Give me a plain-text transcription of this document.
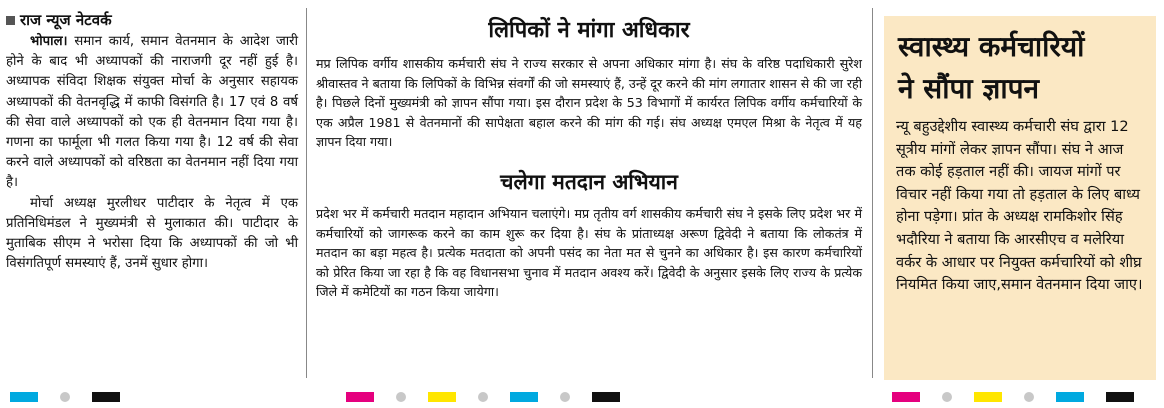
राज न्यूज नेटवर्क

भोपाल। समान कार्य, समान वेतनमान के आदेश जारी होने के बाद भी अध्यापकों की नाराजगी दूर नहीं हुई है। अध्यापक संविदा शिक्षक संयुक्त मोर्चा के अनुसार सहायक अध्यापकों की वेतनवृद्धि में काफी विसंगति है। 17 एवं 8 वर्ष की सेवा वाले अध्यापकों को एक ही वेतनमान दिया गया है। गणना का फार्मूला भी गलत किया गया है। 12 वर्ष की सेवा करने वाले अध्यापकों को वरिष्ठता का वेतनमान नहीं दिया गया है।

मोर्चा अध्यक्ष मुरलीधर पाटीदार के नेतृत्व में एक प्रतिनिधिमंडल ने मुख्यमंत्री से मुलाकात की। पाटीदार के मुताबिक सीएम ने भरोसा दिया कि अध्यापकों की जो भी विसंगतिपूर्ण समस्याएं हैं, उनमें सुधार होगा।

लिपिकों ने मांगा अधिकार

मप्र लिपिक वर्गीय शासकीय कर्मचारी संघ ने राज्य सरकार से अपना अधिकार मांगा है। संघ के वरिष्ठ पदाधिकारी सुरेश श्रीवास्तव ने बताया कि लिपिकों के विभिन्न संवर्गों की जो समस्याएं हैं, उन्हें दूर करने की मांग लगातार शासन से की जा रही है। पिछले दिनों मुख्यमंत्री को ज्ञापन सौंपा गया। इस दौरान प्रदेश के 53 विभागों में कार्यरत लिपिक वर्गीय कर्मचारियों के एक अप्रैल 1981 से वेतनमानों की सापेक्षता बहाल करने की मांग की गई। संघ अध्यक्ष एमएल मिश्रा के नेतृत्व में यह ज्ञापन दिया गया।

चलेगा मतदान अभियान

प्रदेश भर में कर्मचारी मतदान महादान अभियान चलाएंगे। मप्र तृतीय वर्ग शासकीय कर्मचारी संघ ने इसके लिए प्रदेश भर में कर्मचारियों को जागरूक करने का काम शुरू कर दिया है। संघ के प्रांताध्यक्ष अरूण द्विवेदी ने बताया कि लोकतंत्र में मतदान का बड़ा महत्व है। प्रत्येक मतदाता को अपनी पसंद का नेता मत से चुनने का अधिकार है। इस कारण कर्मचारियों को प्रेरित किया जा रहा है कि वह विधानसभा चुनाव में मतदान अवश्य करें। द्विवेदी के अनुसार इसके लिए राज्य के प्रत्येक जिले में कमेटियों का गठन किया जायेगा।

स्वास्थ्य कर्मचारियों
ने सौंपा ज्ञापन

न्यू बहुउद्देशीय स्वास्थ्य कर्मचारी संघ द्वारा 12 सूत्रीय मांगों लेकर ज्ञापन सौंपा। संघ ने आज तक कोई हड़ताल नहीं की। जायज मांगों पर विचार नहीं किया गया तो हड़ताल के लिए बाध्य होना पड़ेगा। प्रांत के अध्यक्ष रामकिशोर सिंह भदौरिया ने बताया कि आरसीएच व मलेरिया वर्कर के आधार पर नियुक्त कर्मचारियों को शीघ्र नियमित किया जाए,समान वेतनमान दिया जाए।
